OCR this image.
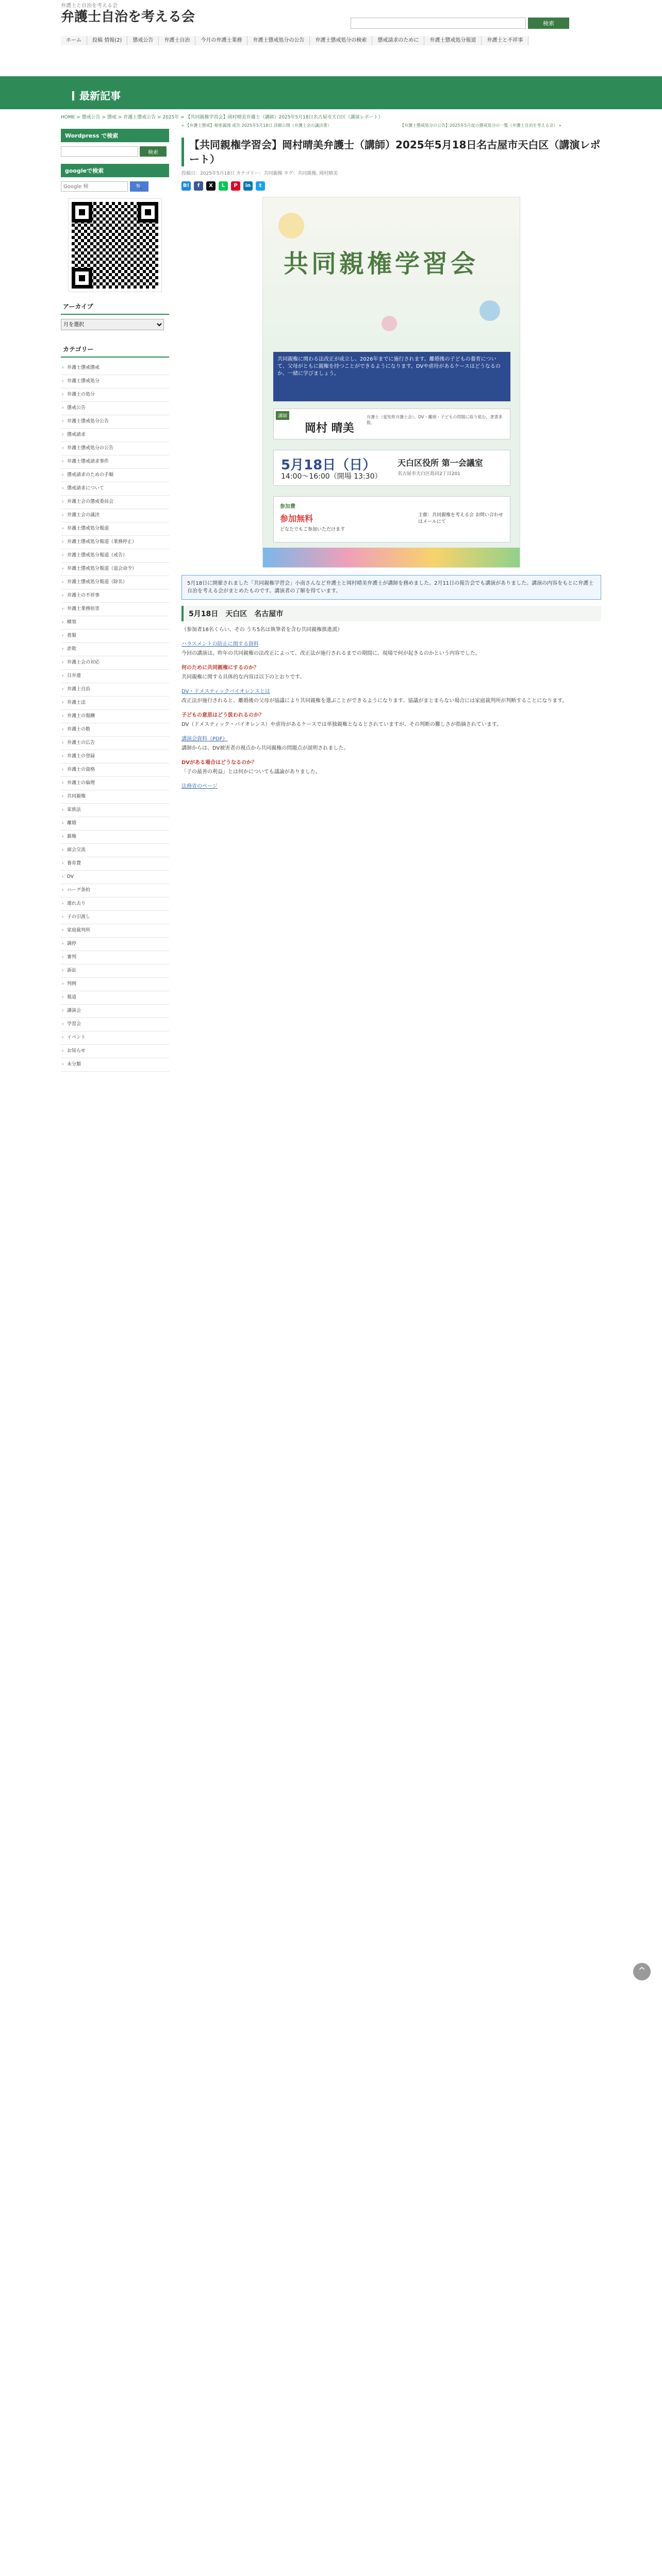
弁護士と自治を考える会
弁護士自治を考える会	検索
ホーム	投稿 情報(2)	懲戒公告	弁護士自治	今月の弁護士業務	弁護士懲戒処分の公告	弁護士懲戒処分の検索	懲戒請求のために	弁護士懲戒処分報道	弁護士と不祥事
最新記事
HOME > 懲戒公告 > 懲戒 > 弁護士懲戒公告 > 2025年 > 【共同親権学習会】岡村晴美弁護士（講師）2025年5月18日名古屋市天白区（講演レポート）
Wordpress で検索
検索
googleで検索
Google 検
🔍
アーカイブ
月を選択
カテゴリー
› 弁護士懲戒懲戒
› 弁護士懲戒処分
› 弁護士の処分
› 懲戒公告
› 弁護士懲戒処分公告
› 懲戒請求
› 弁護士懲戒処分の公告
› 弁護士懲戒請求事件
› 懲戒請求のための手順
› 懲戒請求について
› 弁護士会の懲戒委員会
› 弁護士会の議決
› 弁護士懲戒処分報道
› 弁護士懲戒処分報道（業務停止）
› 弁護士懲戒処分報道（戒告）
› 弁護士懲戒処分報道（退会命令）
› 弁護士懲戒処分報道（除名）
› 弁護士の不祥事
› 弁護士業務妨害
› 横領
› 着服
› 詐欺
› 弁護士会の対応
› 日弁連
› 弁護士自治
› 弁護士法
› 弁護士の報酬
› 弁護士の数
› 弁護士の広告
› 弁護士の登録
› 弁護士の資格
› 弁護士の倫理
› 共同親権
› 家族法
› 離婚
› 親権
› 面会交流
› 養育費
› DV
› ハーグ条約
› 連れ去り
› 子の引渡し
› 家庭裁判所
› 調停
› 審判
› 訴訟
› 判例
› 報道
› 講演会
› 学習会
› イベント
› お知らせ
› 未分類
« 【弁護士懲戒】秘密漏洩 戒告 2025年5月18日 詳細公開（弁護士会の議決書）	【弁護士懲戒処分の公告】2025年5月度の懲戒処分の一覧（弁護士自治を考える会） »
【共同親権学習会】岡村晴美弁護士（講師）2025年5月18日名古屋市天白区（講演レポート）
投稿日：2025年5月18日 カテゴリー：共同親権 タグ：共同親権, 岡村晴美
B!	f	X	L	P	in	t
共同親権学習会
共同親権に関わる法改正が成立し、2026年までに施行されます。離婚後の子どもの養育について、父母がともに親権を持つことができるようになります。DVや虐待があるケースはどうなるのか、一緒に学びましょう。
講師
岡村 晴美
弁護士（愛知県弁護士会）。DV・離婚・子どもの問題に取り組む。著書多数。
5月18日（日）
14:00〜16:00（開場 13:30）
天白区役所 第一会議室
名古屋市天白区島田2丁目201
参加費
参加無料
どなたでもご参加いただけます
主催：共同親権を考える会 お問い合わせはメールにて
5月18日に開催されました「共同親権学習会」小南さんなど弁護士と岡村晴美弁護士が講師を務めました。2月11日の報告会でも講演がありました。講演の内容をもとに弁護士自治を考える会がまとめたものです。講演者の了解を得ています。
5月18日　天白区　名古屋市

（参加者18名くらい、その うち5名は執筆者を含む共同親権推進派）

ハラスメントの防止に関する資料

今回の講演は、昨年の共同親権の法改正によって、改正法が施行されるまでの期間に、現場で何が起きるのかという内容でした。

何のために共同親権にするのか？

共同親権に関する具体的な内容は以下のとおりです。

DV・ドメスティックバイオレンスとは

改正法が施行されると、離婚後の父母が協議により共同親権を選ぶことができるようになります。協議がまとまらない場合には家庭裁判所が判断することになります。

子どもの意思はどう扱われるのか？

DV（ドメスティック・バイオレンス）や虐待があるケースでは単独親権となるとされていますが、その判断の難しさが指摘されています。

講演会資料（PDF）

講師からは、DV被害者の視点から共同親権の問題点が説明されました。

DVがある場合はどうなるのか？

「子の最善の利益」とは何かについても議論がありました。

法務省のページ
^
